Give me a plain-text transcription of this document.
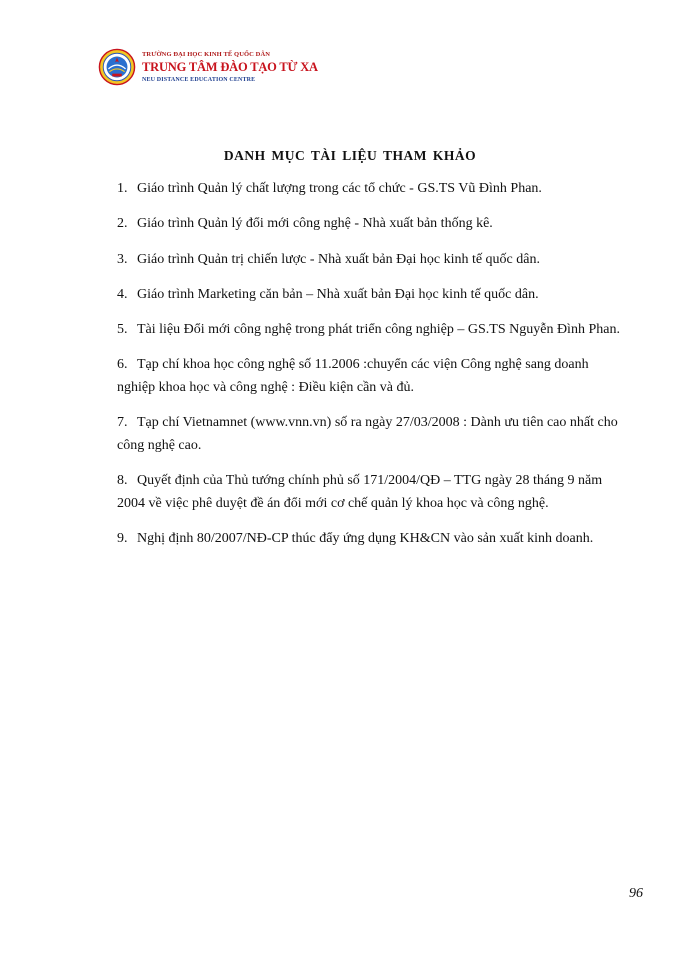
TRƯỜNG ĐẠI HỌC KINH TẾ QUỐC DÂN
TRUNG TÂM ĐÀO TẠO TỪ XA
NEU DISTANCE EDUCATION CENTRE
DANH MỤC TÀI LIỆU THAM KHẢO
1. Giáo trình Quản lý chất lượng trong các tổ chức - GS.TS Vũ Đình Phan.
2. Giáo trình Quản lý đổi mới công nghệ - Nhà xuất bản thống kê.
3. Giáo trình Quản trị chiến lược - Nhà xuất bản Đại học kinh tế quốc dân.
4. Giáo trình Marketing căn bản – Nhà xuất bản Đại học kinh tế quốc dân.
5. Tài liệu Đổi mới công nghệ trong phát triển công nghiệp – GS.TS Nguyễn Đình Phan.
6. Tạp chí khoa học công nghệ số 11.2006 :chuyển các viện Công nghệ sang doanh nghiệp khoa học và công nghệ : Điều kiện cần và đủ.
7. Tạp chí Vietnamnet (www.vnn.vn) số ra ngày 27/03/2008 : Dành ưu tiên cao nhất cho công nghệ cao.
8. Quyết định của Thủ tướng chính phủ số 171/2004/QĐ – TTG ngày 28 tháng 9 năm 2004 về việc phê duyệt đề án đổi mới cơ chế quản lý khoa học và công nghệ.
9. Nghị định 80/2007/NĐ-CP thúc đẩy ứng dụng KH&CN vào sản xuất kinh doanh.
96
